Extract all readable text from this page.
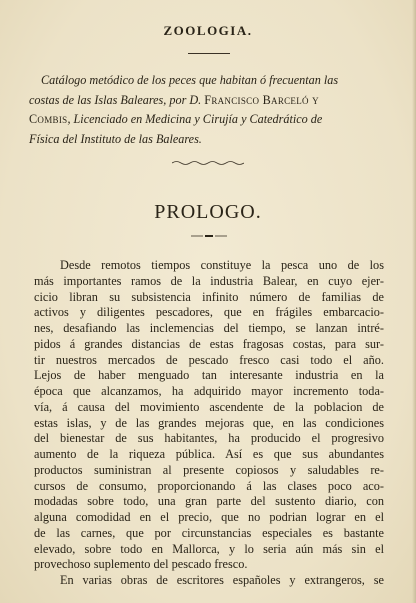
ZOOLOGIA.
Catálogo metódico de los peces que habitan ó frecuentan las
costas de las Islas Baleares, por D. Francisco Barceló y
Combis, Licenciado en Medicina y Cirujía y Catedrático de
Física del Instituto de las Baleares.
PROLOGO.
Desde remotos tiempos constituye la pesca uno de los
más importantes ramos de la industria Balear, en cuyo ejer-
cicio libran su subsistencia infinito número de familias de
activos y diligentes pescadores, que en frágiles embarcacio-
nes, desafiando las inclemencias del tiempo, se lanzan intré-
pidos á grandes distancias de estas fragosas costas, para sur-
tir nuestros mercados de pescado fresco casi todo el año.
Lejos de haber menguado tan interesante industria en la
época que alcanzamos, ha adquirido mayor incremento toda-
vía, á causa del movimiento ascendente de la poblacion de
estas islas, y de las grandes mejoras que, en las condiciones
del bienestar de sus habitantes, ha producido el progresivo
aumento de la riqueza pública. Así es que sus abundantes
productos suministran al presente copiosos y saludables re-
cursos de consumo, proporcionando á las clases poco aco-
modadas sobre todo, una gran parte del sustento diario, con
alguna comodidad en el precio, que no podrian lograr en el
de las carnes, que por circunstancias especiales es bastante
elevado, sobre todo en Mallorca, y lo seria aún más sin el
provechoso suplemento del pescado fresco.
En varias obras de escritores españoles y extrangeros, se
